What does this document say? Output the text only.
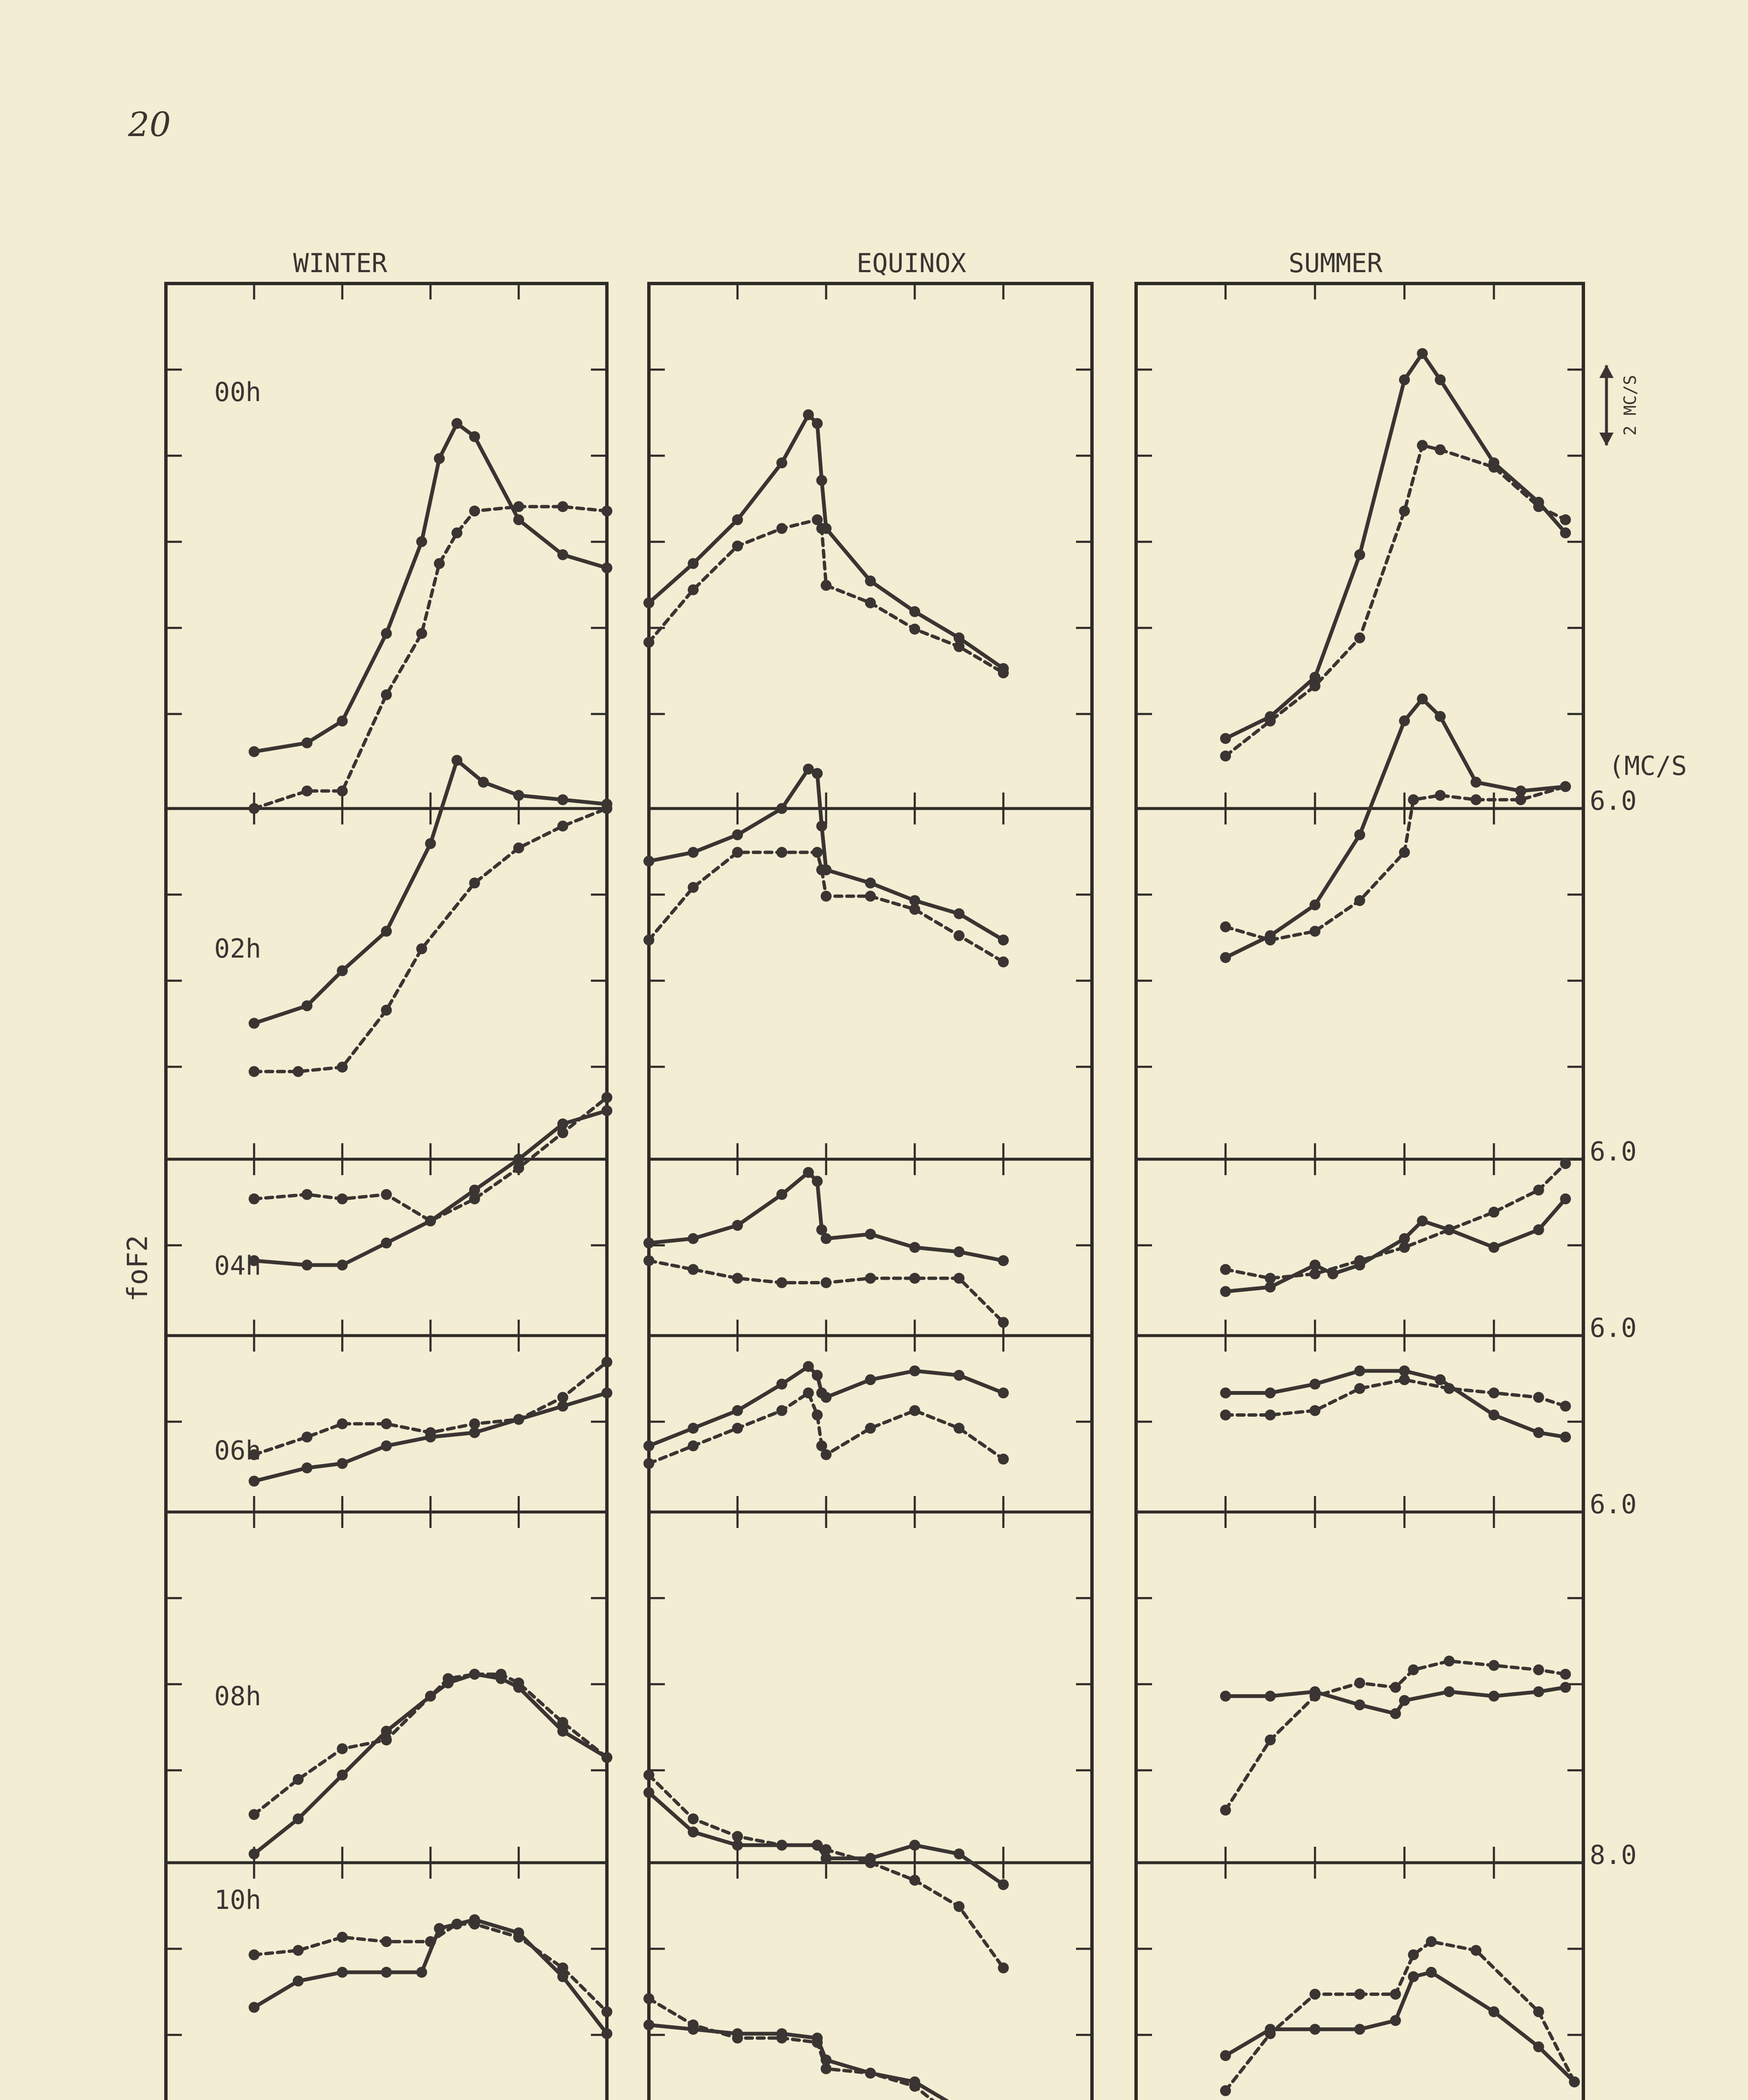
20
WINTER	EQUINOX	SUMMER
00h
02h
04h
06h
08h
10h
foF2
(MC/S
6.0
6.0
6.0
6.0
8.0
2 MC/S
